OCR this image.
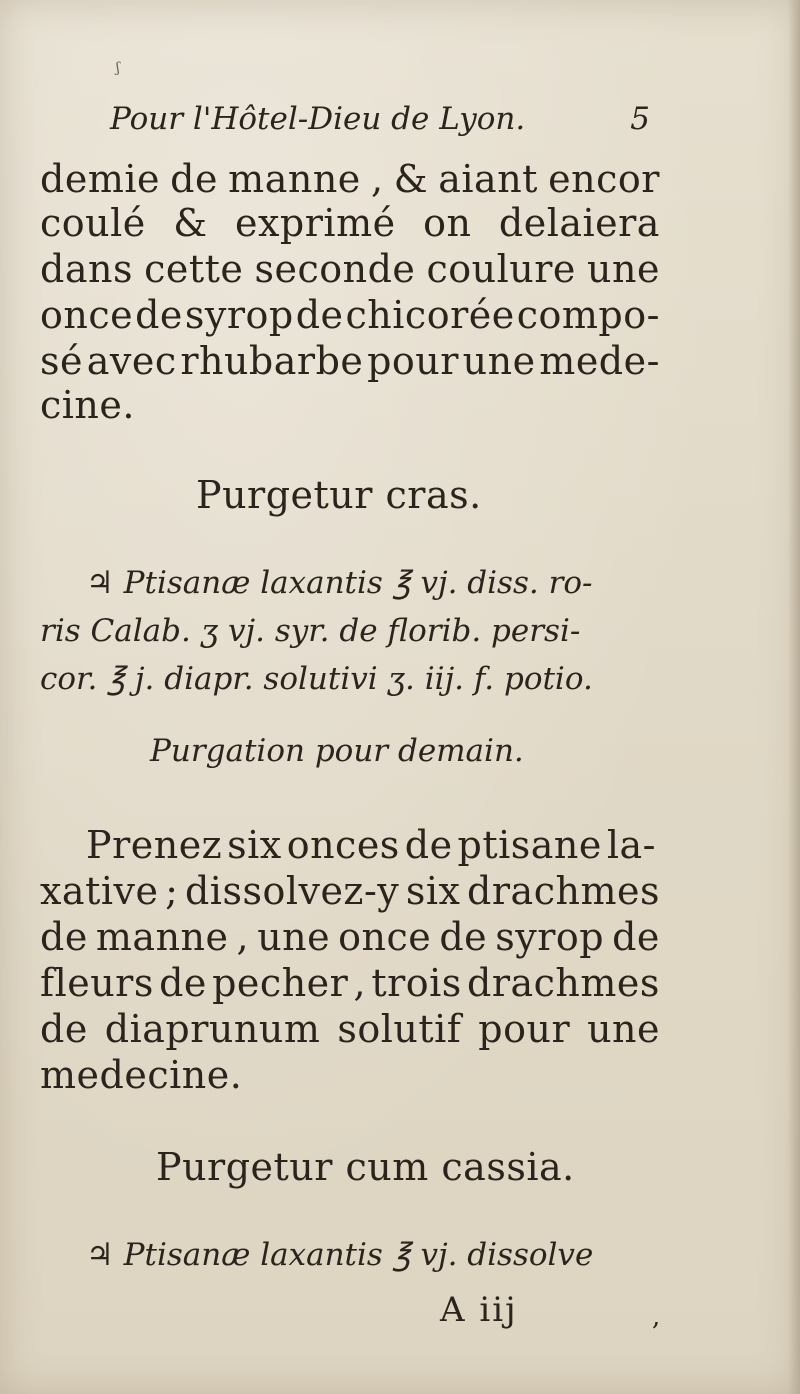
ʃ
Pour l'Hôtel-Dieu de Lyon.	5
demie de manne , & aiant encor
coulé & exprimé on delaiera
dans cette seconde coulure une
once de syrop de chicorée compo-
sé avec rhubarbe pour une mede-
cine.
Purgetur cras.
♃ Ptisanæ laxantis ℥ vj. diss. ro-
ris Calab. ʒ vj. syr. de florib. persi-
cor. ℥ j. diapr. solutivi ʒ. iij. f. potio.
Purgation pour demain.
Prenez six onces de ptisane la-
xative ; dissolvez-y six drachmes
de manne , une once de syrop de
fleurs de pecher , trois drachmes
de diaprunum solutif pour une
medecine.
Purgetur cum cassia.
♃ Ptisanæ laxantis ℥ vj. dissolve
A iij	,
